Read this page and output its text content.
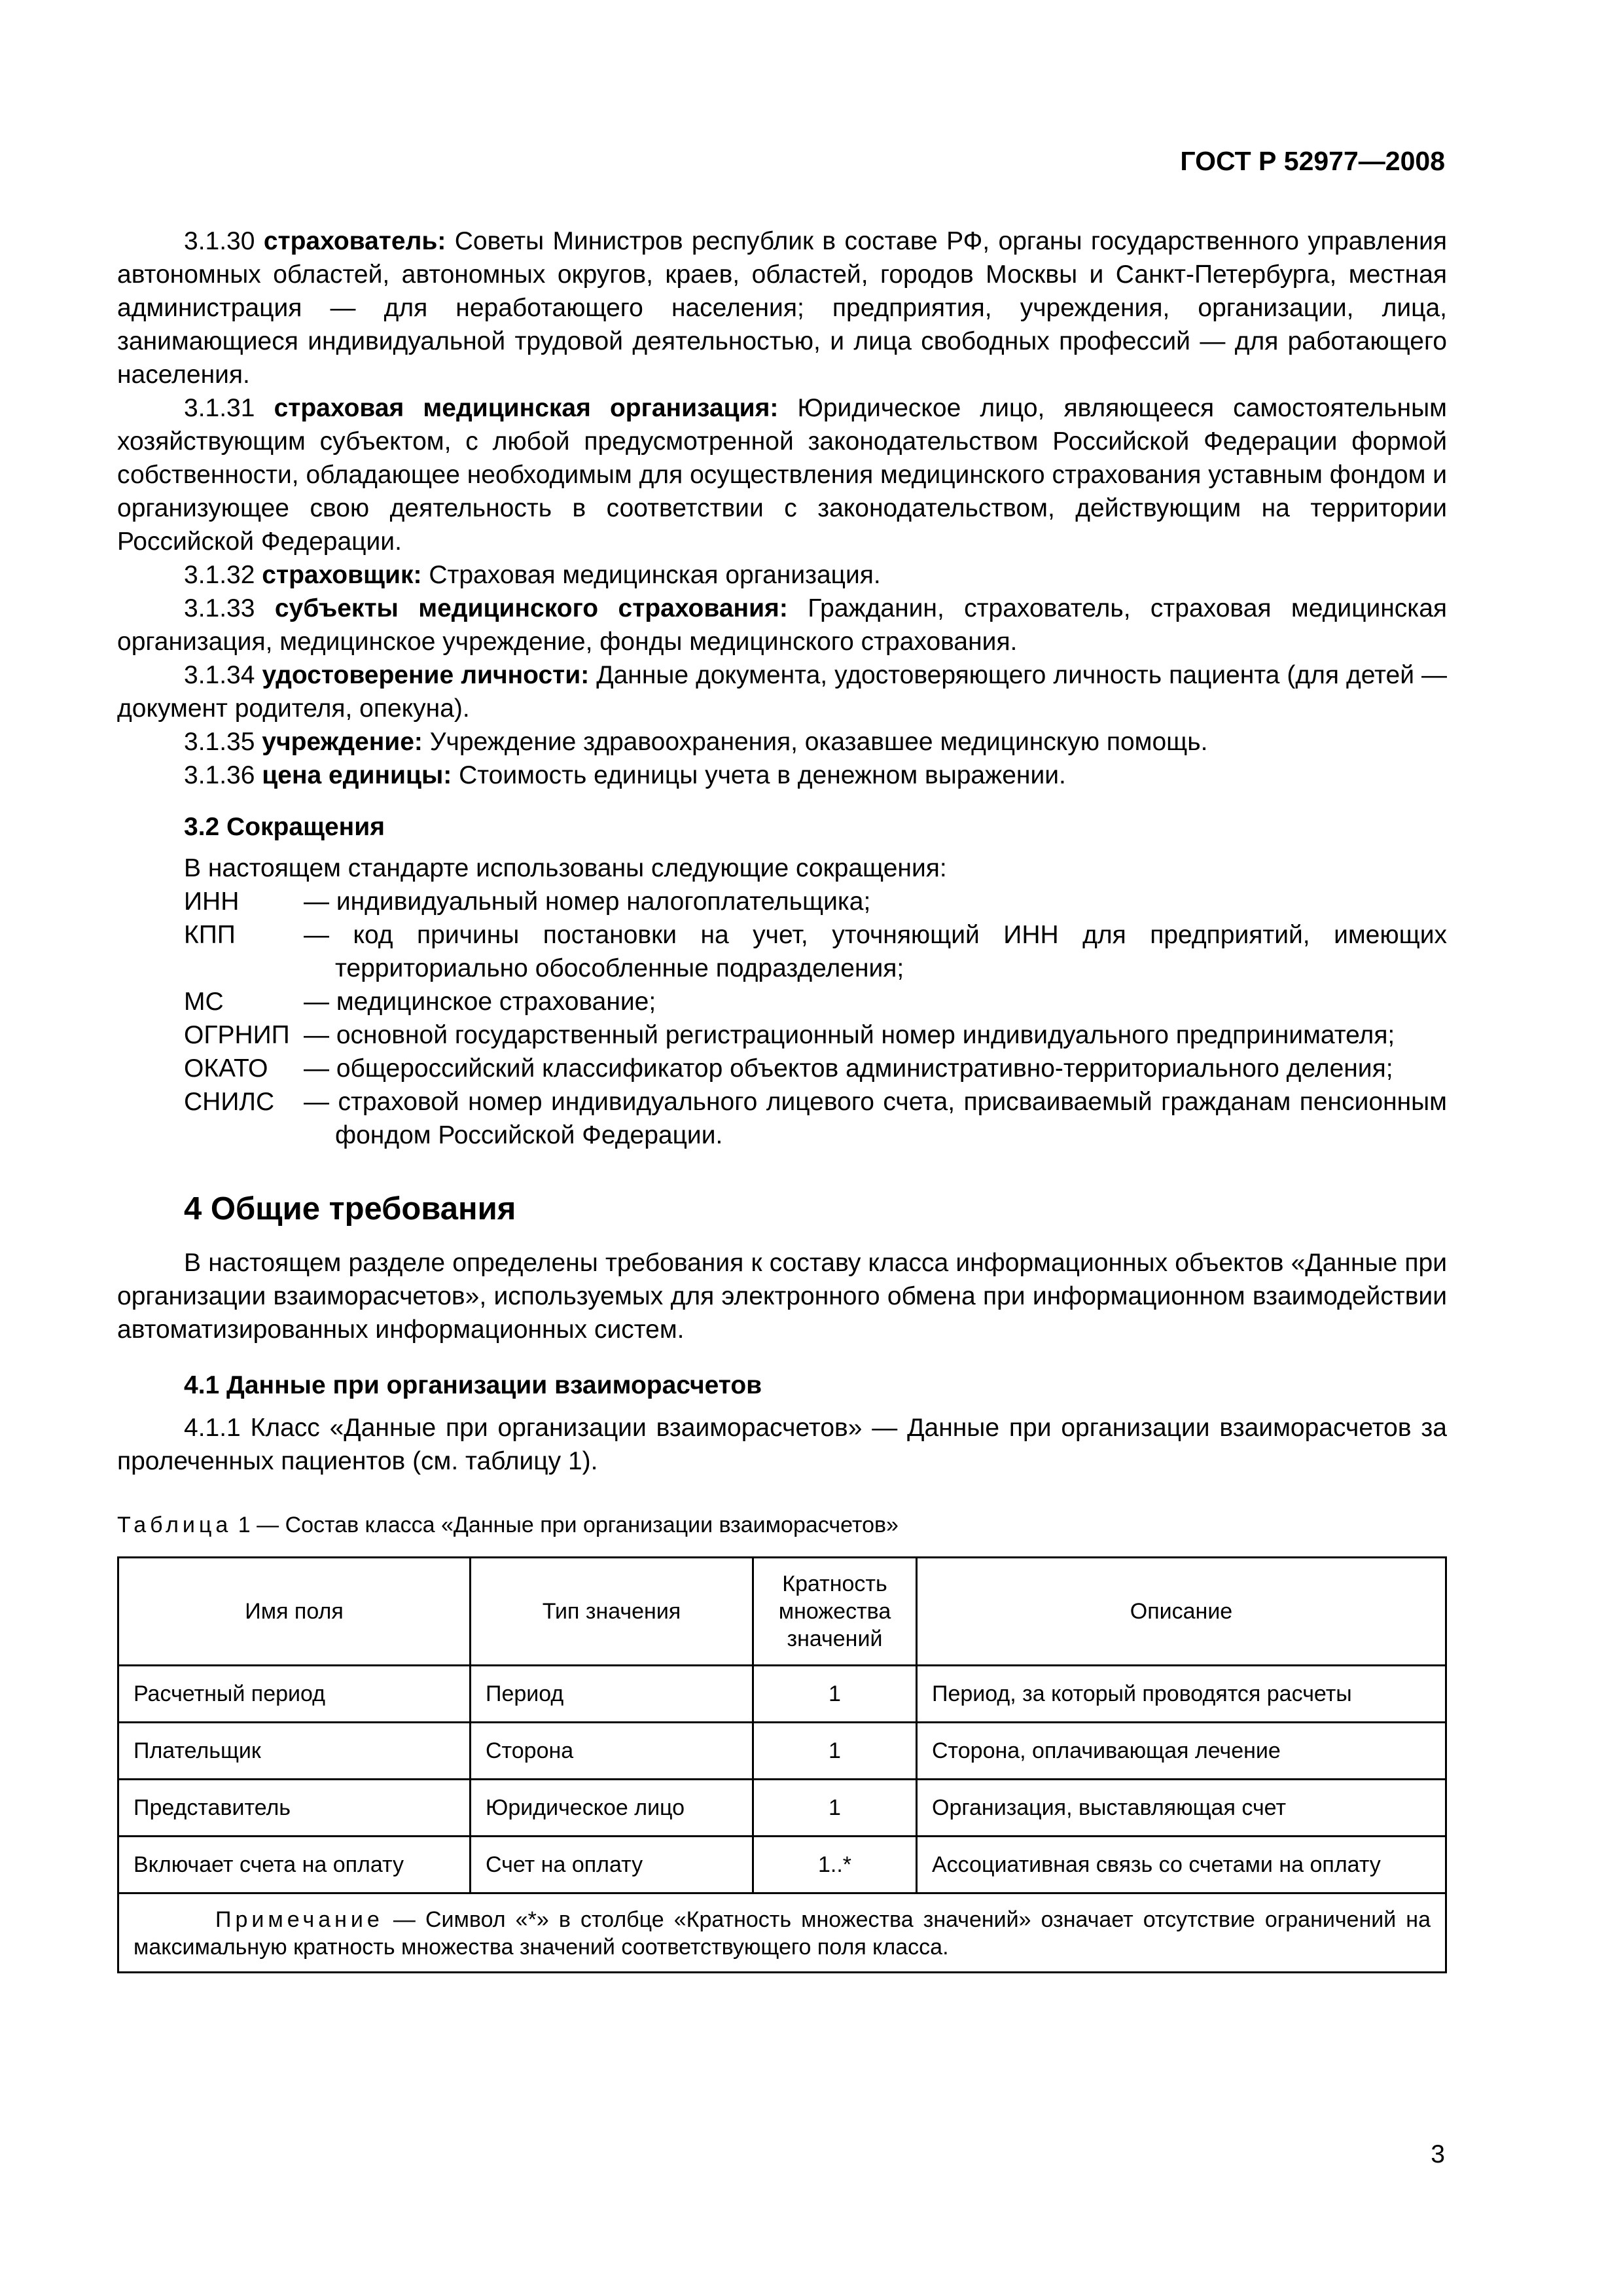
ГОСТ Р 52977—2008

3.1.30 страхователь: Советы Министров республик в составе РФ, органы государственного управления автономных областей, автономных округов, краев, областей, городов Москвы и Санкт-Петербурга, местная администрация — для неработающего населения; предприятия, учреждения, организации, лица, занимающиеся индивидуальной трудовой деятельностью, и лица свободных профессий — для работающего населения.

3.1.31 страховая медицинская организация: Юридическое лицо, являющееся самостоятельным хозяйствующим субъектом, с любой предусмотренной законодательством Российской Федерации формой собственности, обладающее необходимым для осуществления медицинского страхования уставным фондом и организующее свою деятельность в соответствии с законодательством, действующим на территории Российской Федерации.

3.1.32 страховщик: Страховая медицинская организация.

3.1.33 субъекты медицинского страхования: Гражданин, страхователь, страховая медицинская организация, медицинское учреждение, фонды медицинского страхования.

3.1.34 удостоверение личности: Данные документа, удостоверяющего личность пациента (для детей — документ родителя, опекуна).

3.1.35 учреждение: Учреждение здравоохранения, оказавшее медицинскую помощь.

3.1.36 цена единицы: Стоимость единицы учета в денежном выражении.

3.2 Сокращения

В настоящем стандарте использованы следующие сокращения:

ИНН	— индивидуальный номер налогоплательщика;
КПП	— код причины постановки на учет, уточняющий ИНН для предприятий, имеющих территориально обособленные подразделения;
МС	— медицинское страхование;
ОГРНИП — основной государственный регистрационный номер индивидуального предпринимателя;
ОКАТО	— общероссийский классификатор объектов административно-территориального деления;
СНИЛС	— страховой номер индивидуального лицевого счета, присваиваемый гражданам пенсионным фондом Российской Федерации.
4 Общие требования

В настоящем разделе определены требования к составу класса информационных объектов «Данные при организации взаиморасчетов», используемых для электронного обмена при информационном взаимодействии автоматизированных информационных систем.

4.1 Данные при организации взаиморасчетов

4.1.1 Класс «Данные при организации взаиморасчетов» — Данные при организации взаиморасчетов за пролеченных пациентов (см. таблицу 1).

Таблица 1 — Состав класса «Данные при организации взаиморасчетов»
Имя поля	Тип значения	Кратность множества значений	Описание
Расчетный период	Период	1	Период, за который проводятся расчеты
Плательщик	Сторона	1	Сторона, оплачивающая лечение
Представитель	Юридическое лицо	1	Организация, выставляющая счет
Включает счета на оплату	Счет на оплату	1..*	Ассоциативная связь со счетами на оплату

Примечание — Символ «*» в столбце «Кратность множества значений» означает отсутствие ограничений на максимальную кратность множества значений соответствующего поля класса.			
3
